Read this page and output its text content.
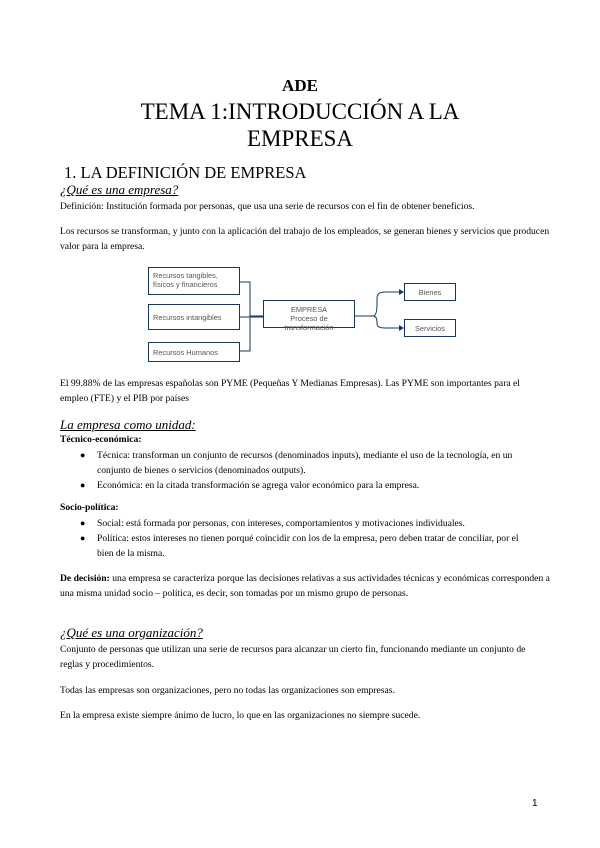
ADE
TEMA 1:INTRODUCCIÓN A LA
EMPRESA
1. LA DEFINICIÓN DE EMPRESA
¿Qué es una empresa?
Definición: Institución formada por personas, que usa una serie de recursos con el fin de obtener beneficios.
Los recursos se transforman, y junto con la aplicación del trabajo de los empleados, se generan bienes y servicios que producen valor para la empresa.
Recursos tangibles, físicos y financieros
Recursos intangibles
Recursos Humanos
EMPRESA
Proceso de transformación
Bienes
Servicios
El 99.88% de las empresas españolas son PYME (Pequeñas Y Medianas Empresas). Las PYME son importantes para el empleo (FTE) y el PIB por países
La empresa como unidad:
Técnico-económica:
● Técnica: transforman un conjunto de recursos (denominados inputs), mediante el uso de la tecnología, en un conjunto de bienes o servicios (denominados outputs).
● Económica: en la citada transformación se agrega valor económico para la empresa.
Socio-política:
● Social: está formada por personas, con intereses, comportamientos y motivaciones individuales.
● Política: estos intereses no tienen porqué coincidir con los de la empresa, pero deben tratar de conciliar, por el bien de la misma.
De decisión: una empresa se caracteriza porque las decisiones relativas a sus actividades técnicas y económicas corresponden a una misma unidad socio – política, es decir, son tomadas por un mismo grupo de personas.
¿Qué es una organización?
Conjunto de personas que utilizan una serie de recursos para alcanzar un cierto fin, funcionando mediante un conjunto de reglas y procedimientos.
Todas las empresas son organizaciones, pero no todas las organizaciones son empresas.
En la empresa existe siempre ánimo de lucro, lo que en las organizaciones no siempre sucede.
1
